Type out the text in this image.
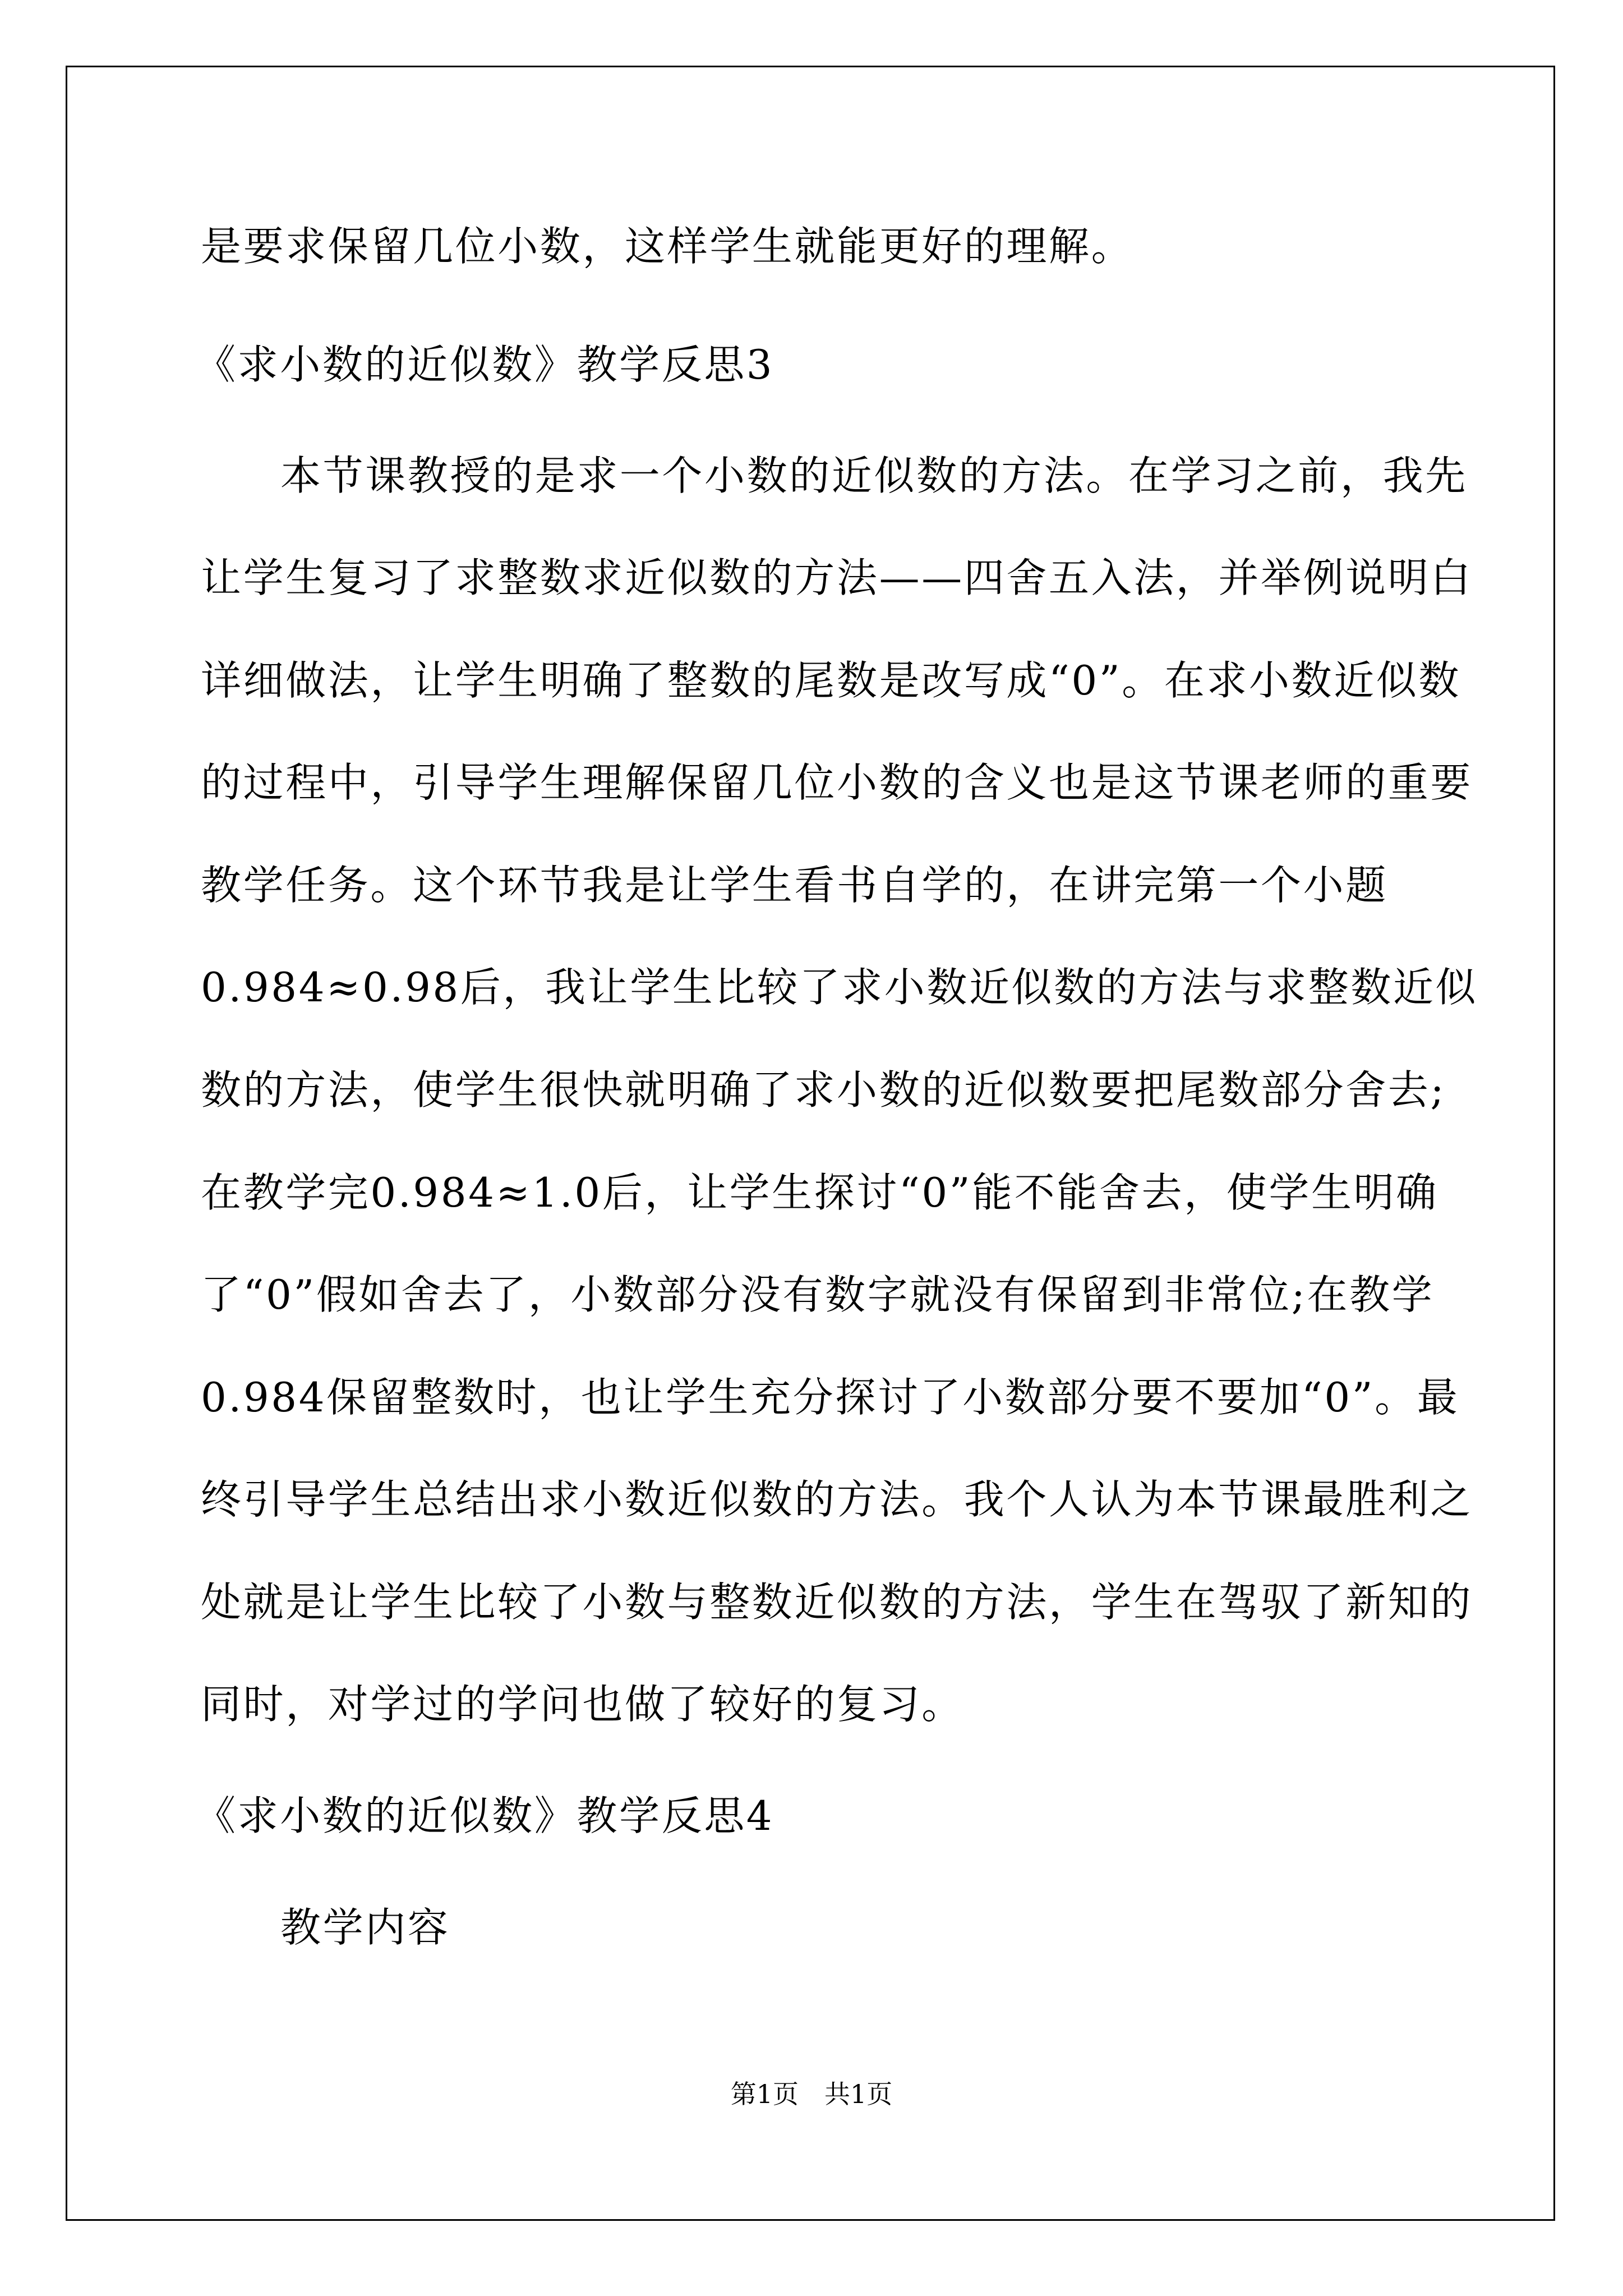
是要求保留几位小数，这样学生就能更好的理解。
《求小数的近似数》教学反思3
本节课教授的是求一个小数的近似数的方法。在学习之前，我先
让学生复习了求整数求近似数的方法——四舍五入法，并举例说明白
详细做法，让学生明确了整数的尾数是改写成“0”。在求小数近似数
的过程中，引导学生理解保留几位小数的含义也是这节课老师的重要
教学任务。这个环节我是让学生看书自学的，在讲完第一个小题
0.984≈0.98后，我让学生比较了求小数近似数的方法与求整数近似
数的方法，使学生很快就明确了求小数的近似数要把尾数部分舍去;
在教学完0.984≈1.0后，让学生探讨“0”能不能舍去，使学生明确
了“0”假如舍去了，小数部分没有数字就没有保留到非常位;在教学
0.984保留整数时，也让学生充分探讨了小数部分要不要加“0”。最
终引导学生总结出求小数近似数的方法。我个人认为本节课最胜利之
处就是让学生比较了小数与整数近似数的方法，学生在驾驭了新知的
同时，对学过的学问也做了较好的复习。
《求小数的近似数》教学反思4
教学内容
第1页　共1页
